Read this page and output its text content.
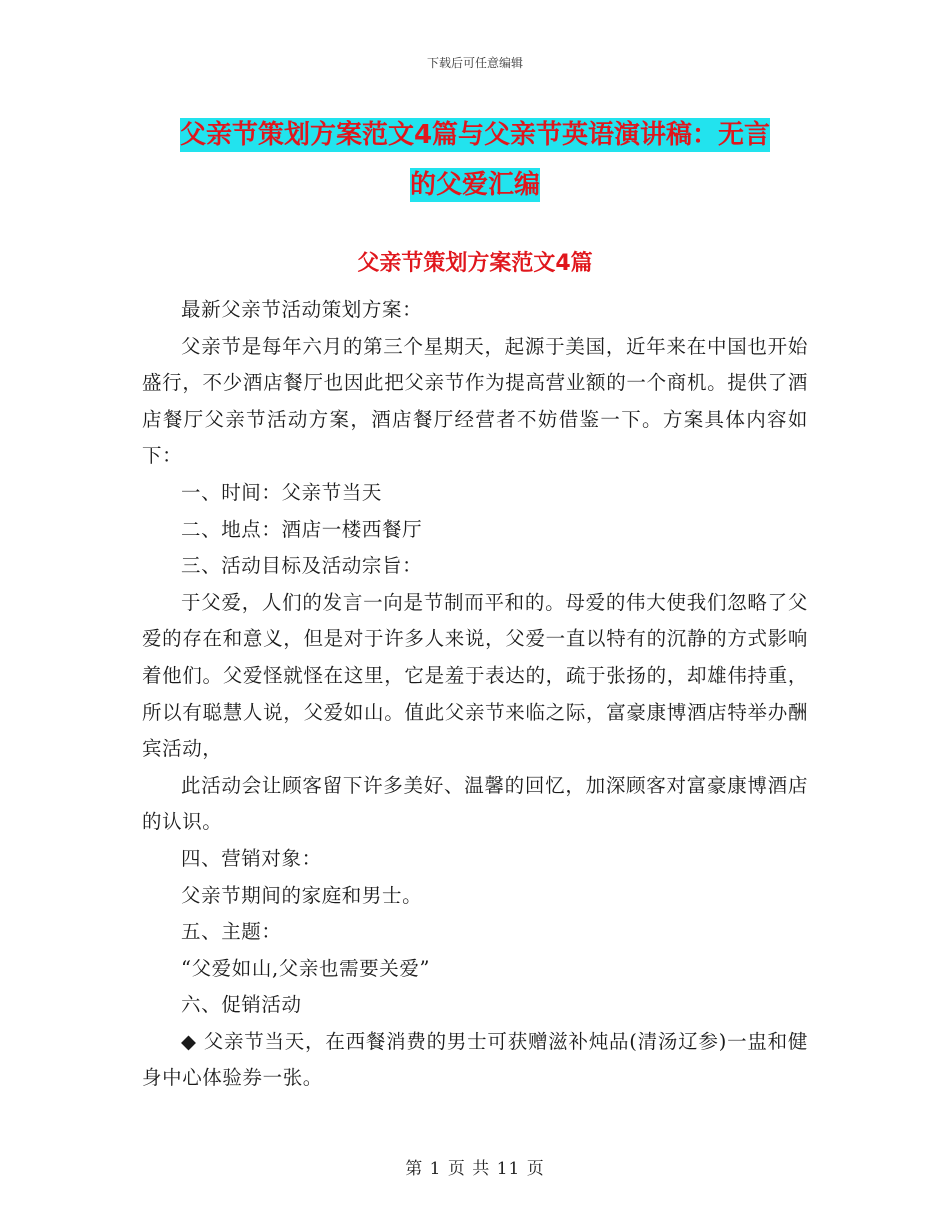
下载后可任意编辑
父亲节策划方案范文4篇与父亲节英语演讲稿：无言
的父爱汇编
父亲节策划方案范文4篇

最新父亲节活动策划方案：

父亲节是每年六月的第三个星期天，起源于美国，近年来在中国也开始盛行，不少酒店餐厅也因此把父亲节作为提高营业额的一个商机。提供了酒店餐厅父亲节活动方案，酒店餐厅经营者不妨借鉴一下。方案具体内容如下：

一、时间：父亲节当天

二、地点：酒店一楼西餐厅

三、活动目标及活动宗旨：

于父爱，人们的发言一向是节制而平和的。母爱的伟大使我们忽略了父爱的存在和意义，但是对于许多人来说，父爱一直以特有的沉静的方式影响着他们。父爱怪就怪在这里，它是羞于表达的，疏于张扬的，却雄伟持重，所以有聪慧人说，父爱如山。值此父亲节来临之际，富豪康博酒店特举办酬宾活动，

此活动会让顾客留下许多美好、温馨的回忆，加深顾客对富豪康博酒店的认识。

四、营销对象：

父亲节期间的家庭和男士。

五、主题：

“父爱如山,父亲也需要关爱”

六、促销活动

◆ 父亲节当天，在西餐消费的男士可获赠滋补炖品(清汤辽参)一盅和健身中心体验券一张。

第 1 页 共 11 页
